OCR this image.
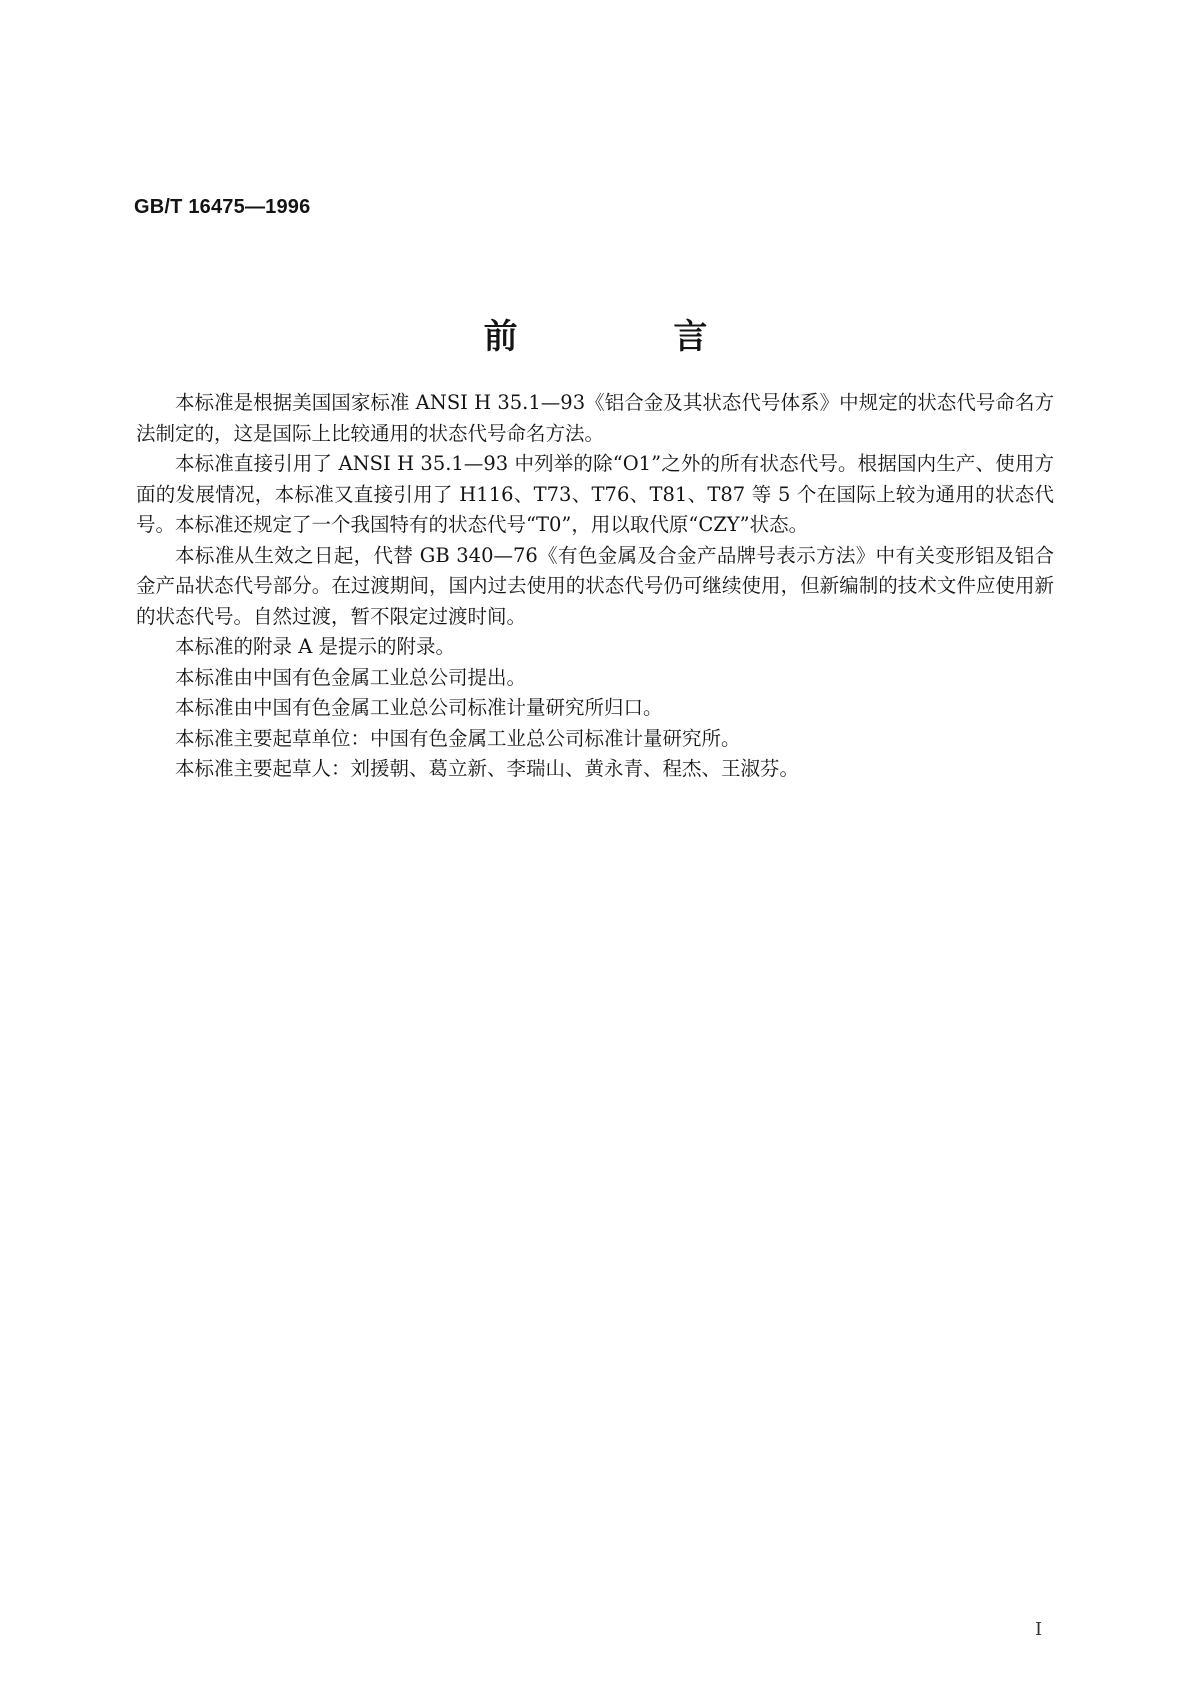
GB/T 16475—1996
前 言

本标准是根据美国国家标准 ANSI H 35.1—93《铝合金及其状态代号体系》中规定的状态代号命名方法制定的，这是国际上比较通用的状态代号命名方法。

本标准直接引用了 ANSI H 35.1—93 中列举的除“O1”之外的所有状态代号。根据国内生产、使用方面的发展情况，本标准又直接引用了 H116、T73、T76、T81、T87 等 5 个在国际上较为通用的状态代号。本标准还规定了一个我国特有的状态代号“T0”，用以取代原“CZY”状态。

本标准从生效之日起，代替 GB 340—76《有色金属及合金产品牌号表示方法》中有关变形铝及铝合金产品状态代号部分。在过渡期间，国内过去使用的状态代号仍可继续使用，但新编制的技术文件应使用新的状态代号。自然过渡，暂不限定过渡时间。

本标准的附录 A 是提示的附录。

本标准由中国有色金属工业总公司提出。

本标准由中国有色金属工业总公司标准计量研究所归口。

本标准主要起草单位：中国有色金属工业总公司标准计量研究所。

本标准主要起草人：刘援朝、葛立新、李瑞山、黄永青、程杰、王淑芬。

I
